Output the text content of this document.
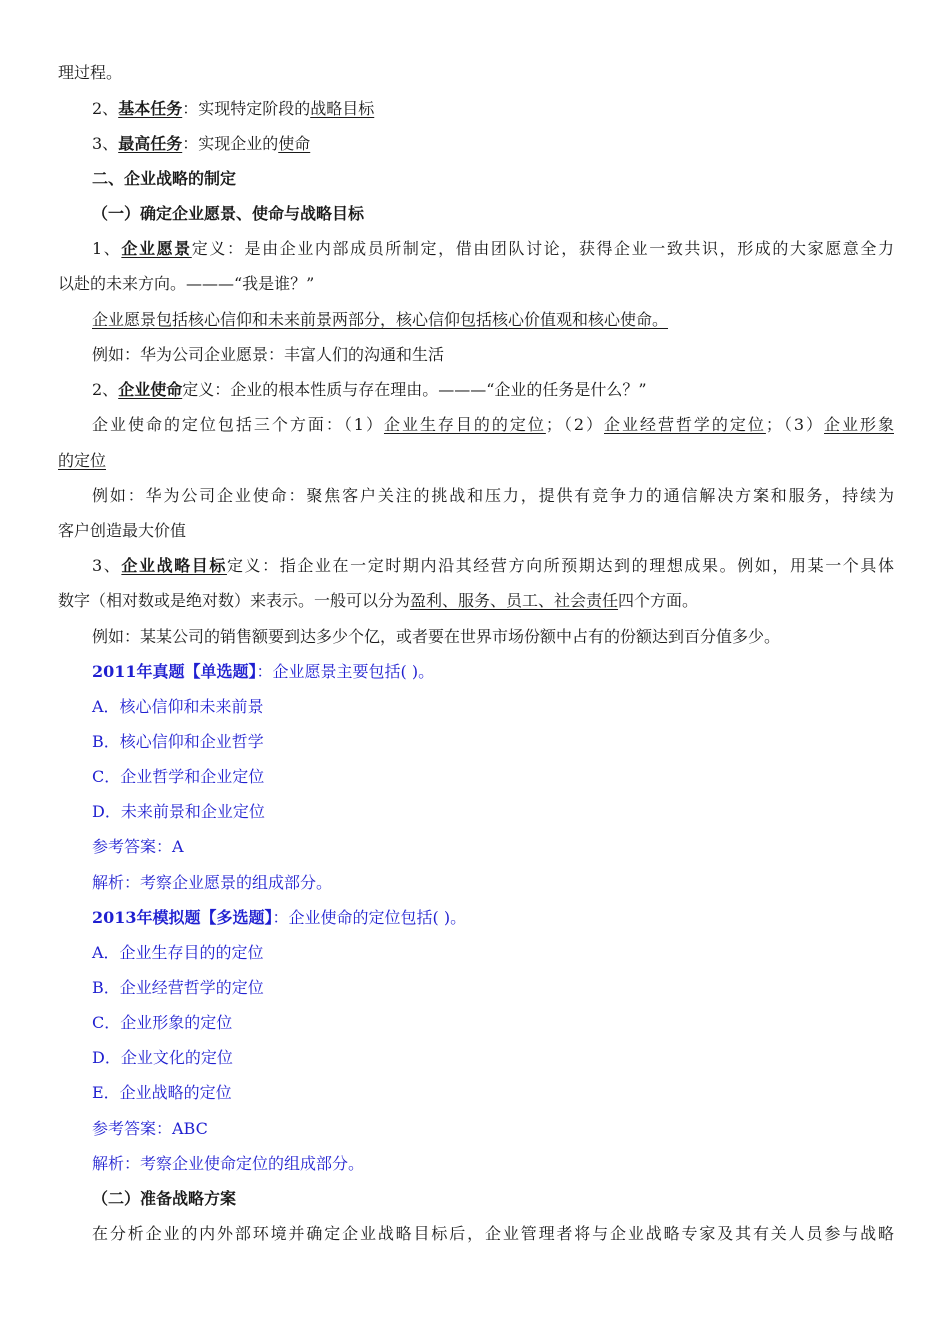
理过程。
2、基本任务：实现特定阶段的战略目标
3、最高任务：实现企业的使命
二、企业战略的制定
（一）确定企业愿景、使命与战略目标
1、企业愿景定义：是由企业内部成员所制定，借由团队讨论，获得企业一致共识，形成的大家愿意全力
以赴的未来方向。———“我是谁？”
企业愿景包括核心信仰和未来前景两部分，核心信仰包括核心价值观和核心使命。
例如：华为公司企业愿景：丰富人们的沟通和生活
2、企业使命定义：企业的根本性质与存在理由。———“企业的任务是什么？”
企业使命的定位包括三个方面：（1）企业生存目的的定位；（2）企业经营哲学的定位；（3）企业形象
的定位
例如：华为公司企业使命：聚焦客户关注的挑战和压力，提供有竞争力的通信解决方案和服务，持续为
客户创造最大价值
3、企业战略目标定义：指企业在一定时期内沿其经营方向所预期达到的理想成果。例如，用某一个具体
数字（相对数或是绝对数）来表示。一般可以分为盈利、服务、员工、社会责任四个方面。
例如：某某公司的销售额要到达多少个亿，或者要在世界市场份额中占有的份额达到百分值多少。
2011年真题【单选题】：企业愿景主要包括( )。
A．核心信仰和未来前景
B．核心信仰和企业哲学
C．企业哲学和企业定位
D．未来前景和企业定位
参考答案：A
解析：考察企业愿景的组成部分。
2013年模拟题【多选题】：企业使命的定位包括( )。
A．企业生存目的的定位
B．企业经营哲学的定位
C．企业形象的定位
D．企业文化的定位
E．企业战略的定位
参考答案：ABC
解析：考察企业使命定位的组成部分。
（二）准备战略方案
在分析企业的内外部环境并确定企业战略目标后，企业管理者将与企业战略专家及其有关人员参与战略
